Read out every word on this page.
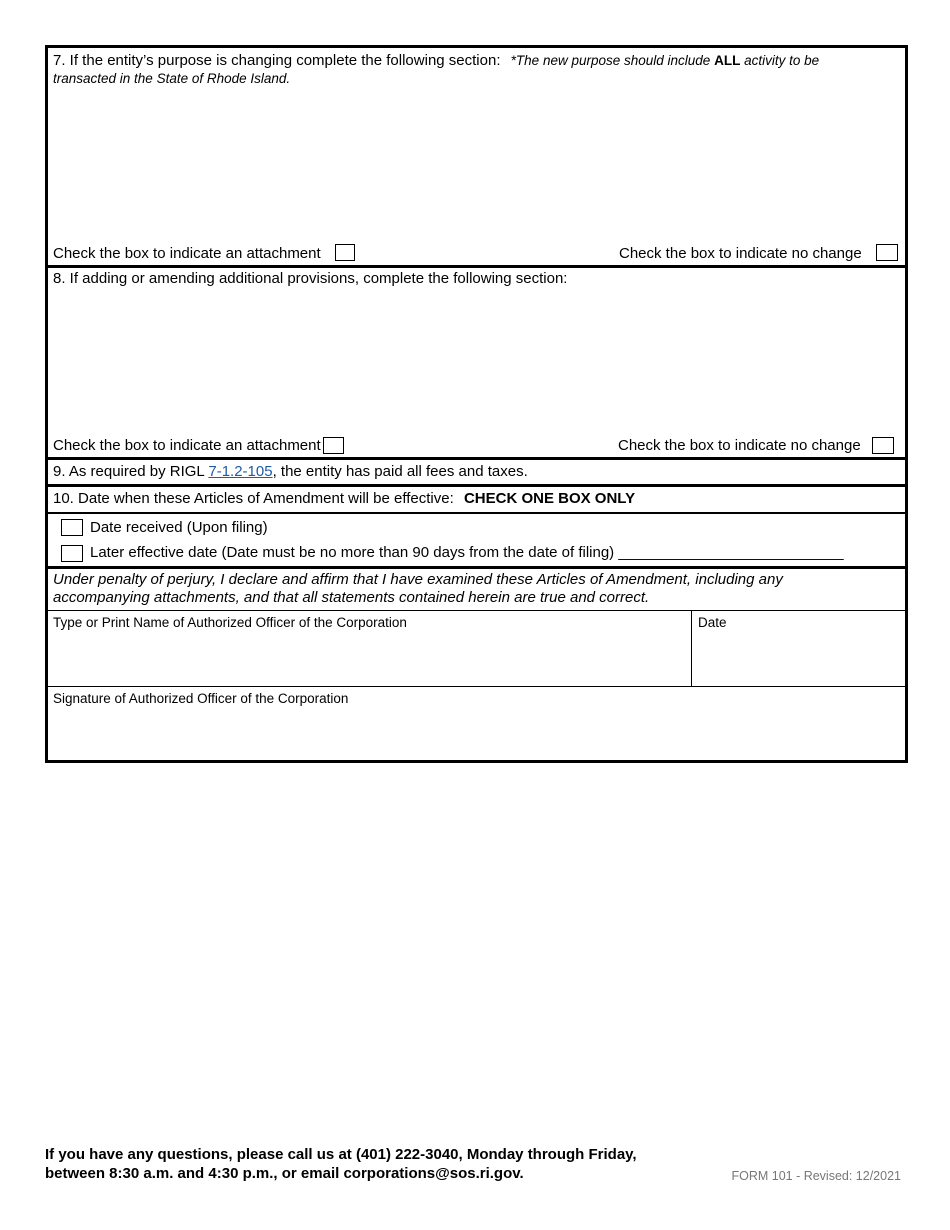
7. If the entity’s purpose is changing complete the following section: *The new purpose should include ALL activity to be
transacted in the State of Rhode Island.
Check the box to indicate an attachment	Check the box to indicate no change
8. If adding or amending additional provisions, complete the following section:
Check the box to indicate an attachment	Check the box to indicate no change
9. As required by RIGL 7-1.2-105, the entity has paid all fees and taxes.
10. Date when these Articles of Amendment will be effective: CHECK ONE BOX ONLY
Date received (Upon filing)
Later effective date (Date must be no more than 90 days from the date of filing) ___________________________
Under penalty of perjury, I declare and affirm that I have examined these Articles of Amendment, including any
accompanying attachments, and that all statements contained herein are true and correct.
Type or Print Name of Authorized Officer of the Corporation	Date
Signature of Authorized Officer of the Corporation
If you have any questions, please call us at (401) 222-3040, Monday through Friday,
between 8:30 a.m. and 4:30 p.m., or email corporations@sos.ri.gov.	FORM 101 - Revised: 12/2021
